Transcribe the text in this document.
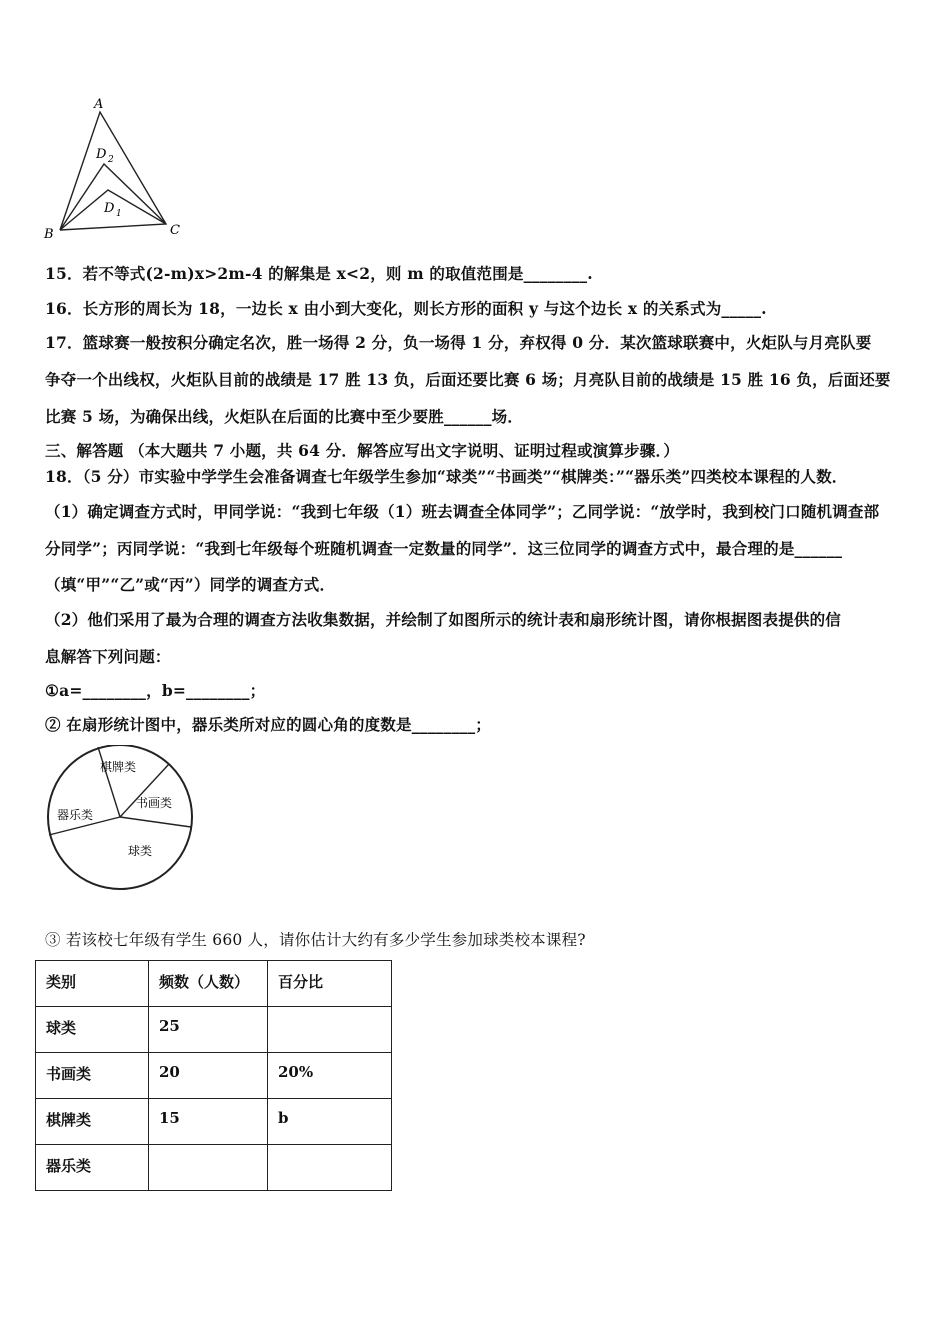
A
B	C
D 2
D 1
15．若不等式(2-m)x>2m-4 的解集是 x<2，则 m 的取值范围是________.
16．长方形的周长为 18，一边长 x 由小到大变化，则长方形的面积 y 与这个边长 x 的关系式为_____.
17．篮球赛一般按积分确定名次，胜一场得 2 分，负一场得 1 分，弃权得 0 分．某次篮球联赛中，火炬队与月亮队要
争夺一个出线权，火炬队目前的战绩是 17 胜 13 负，后面还要比赛 6 场；月亮队目前的战绩是 15 胜 16 负，后面还要
比赛 5 场，为确保出线，火炬队在后面的比赛中至少要胜______场．
三、解答题 （本大题共 7 小题，共 64 分．解答应写出文字说明、证明过程或演算步骤．）
18．（5 分）市实验中学学生会准备调查七年级学生参加“球类”“书画类”“棋牌类：”“器乐类”四类校本课程的人数．
（1）确定调查方式时，甲同学说：“我到七年级（1）班去调查全体同学”；乙同学说：“放学时，我到校门口随机调查部
分同学”；丙同学说：“我到七年级每个班随机调查一定数量的同学”．这三位同学的调查方式中，最合理的是______
（填“甲”“乙”或“丙”）同学的调查方式．
（2）他们采用了最为合理的调查方法收集数据，并绘制了如图所示的统计表和扇形统计图，请你根据图表提供的信
息解答下列问题：
①a=________，b=________；
② 在扇形统计图中，器乐类所对应的圆心角的度数是________；
棋牌类
书画类
器乐类
球类
③ 若该校七年级有学生 660 人，请你估计大约有多少学生参加球类校本课程?
类别	频数（人数）	百分比
球类	25	
书画类	20	20%
棋牌类	15	b
器乐类		
